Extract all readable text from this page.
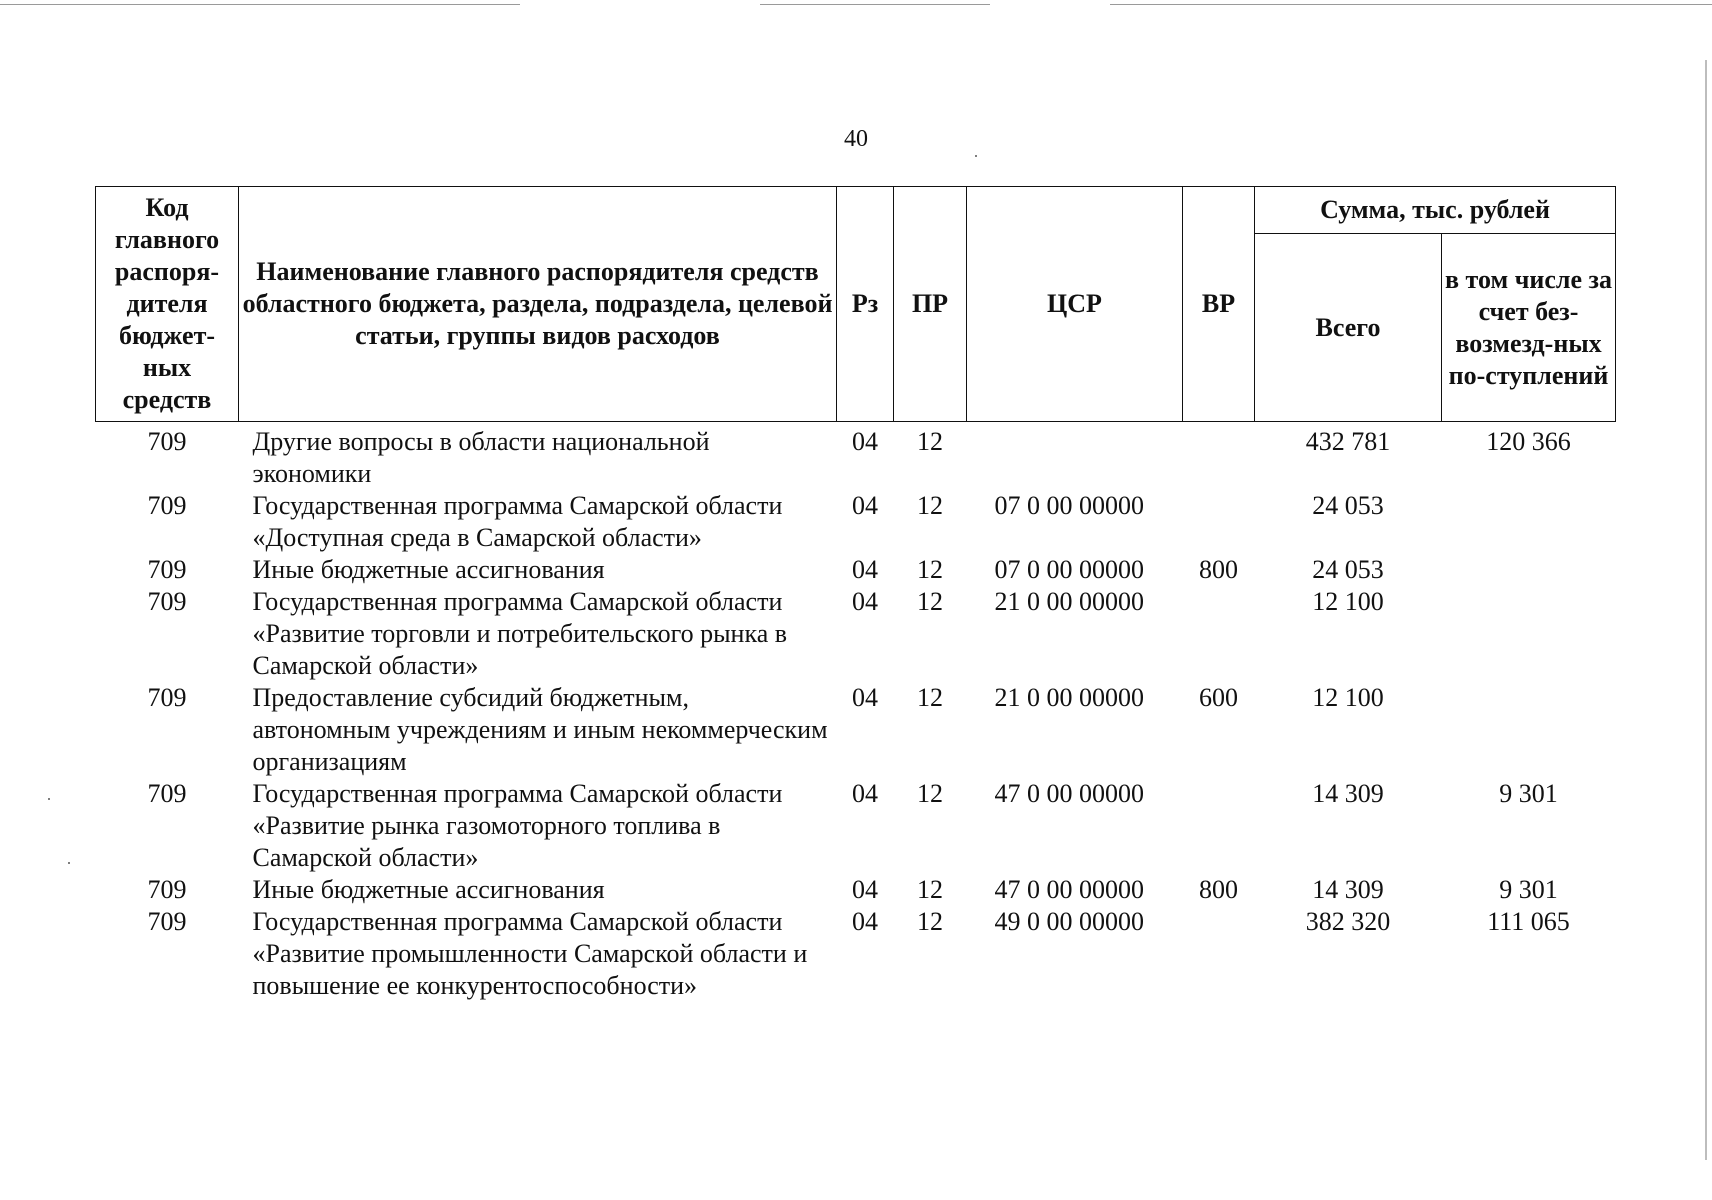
40
Код главного распоря-дителя бюджет-ных средств	Наименование главного распорядителя средств областного бюджета, раздела, подраздела, целевой статьи, группы видов расходов	Рз	ПР	ЦСР	ВР	Сумма, тыс. рублей	
						Всего	в том числе за счет без-возмезд-ных по-ступлений
709	Другие вопросы в области национальной экономики	04	12			432 781	120 366
709	Государственная программа Самарской области «Доступная среда в Самарской области»	04	12	07 0 00 00000		24 053	
709	Иные бюджетные ассигнования	04	12	07 0 00 00000	800	24 053	
709	Государственная программа Самарской области «Развитие торговли и потребительского рынка в Самарской области»	04	12	21 0 00 00000		12 100	
709	Предоставление субсидий бюджетным, автономным учреждениям и иным некоммерческим организациям	04	12	21 0 00 00000	600	12 100	
709	Государственная программа Самарской области «Развитие рынка газомоторного топлива в Самарской области»	04	12	47 0 00 00000		14 309	9 301
709	Иные бюджетные ассигнования	04	12	47 0 00 00000	800	14 309	9 301
709	Государственная программа Самарской области «Развитие промышленности Самарской области и повышение ее конкурентоспособности»	04	12	49 0 00 00000		382 320	111 065
